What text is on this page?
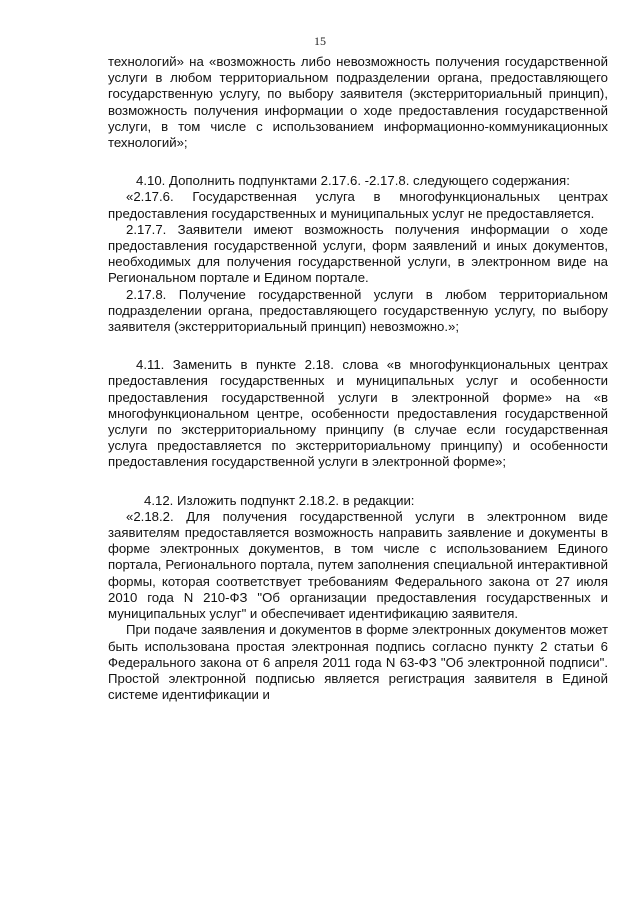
15

технологий» на «возможность либо невозможность получения государственной услуги в любом территориальном подразделении органа, предоставляющего государственную услугу, по выбору заявителя (экстерриториальный принцип), возможность получения информации о ходе предоставления государственной услуги, в том числе с использованием информационно-коммуникационных технологий»;

4.10. Дополнить подпунктами 2.17.6. -2.17.8. следующего содержания:

«2.17.6. Государственная услуга в многофункциональных центрах предоставления государственных и муниципальных услуг не предоставляется.

2.17.7. Заявители имеют возможность получения информации о ходе предоставления государственной услуги, форм заявлений и иных документов, необходимых для получения государственной услуги, в электронном виде на Региональном портале и Едином портале.

2.17.8. Получение государственной услуги в любом территориальном подразделении органа, предоставляющего государственную услугу, по выбору заявителя (экстерриториальный принцип) невозможно.»;

4.11. Заменить в пункте 2.18. слова «в многофункциональных центрах предоставления государственных и муниципальных услуг и особенности предоставления государственной услуги в электронной форме» на «в многофункциональном центре, особенности предоставления государственной услуги по экстерриториальному принципу (в случае если государственная услуга предоставляется по экстерриториальному принципу) и особенности предоставления государственной услуги в электронной форме»;

4.12. Изложить подпункт 2.18.2. в редакции:

«2.18.2. Для получения государственной услуги в электронном виде заявителям предоставляется возможность направить заявление и документы в форме электронных документов, в том числе с использованием Единого портала, Регионального портала, путем заполнения специальной интерактивной формы, которая соответствует требованиям Федерального закона от 27 июля 2010 года N 210-ФЗ "Об организации предоставления государственных и муниципальных услуг" и обеспечивает идентификацию заявителя.

При подаче заявления и документов в форме электронных документов может быть использована простая электронная подпись согласно пункту 2 статьи 6 Федерального закона от 6 апреля 2011 года N 63-ФЗ "Об электронной подписи". Простой электронной подписью является регистрация заявителя в Единой системе идентификации и
